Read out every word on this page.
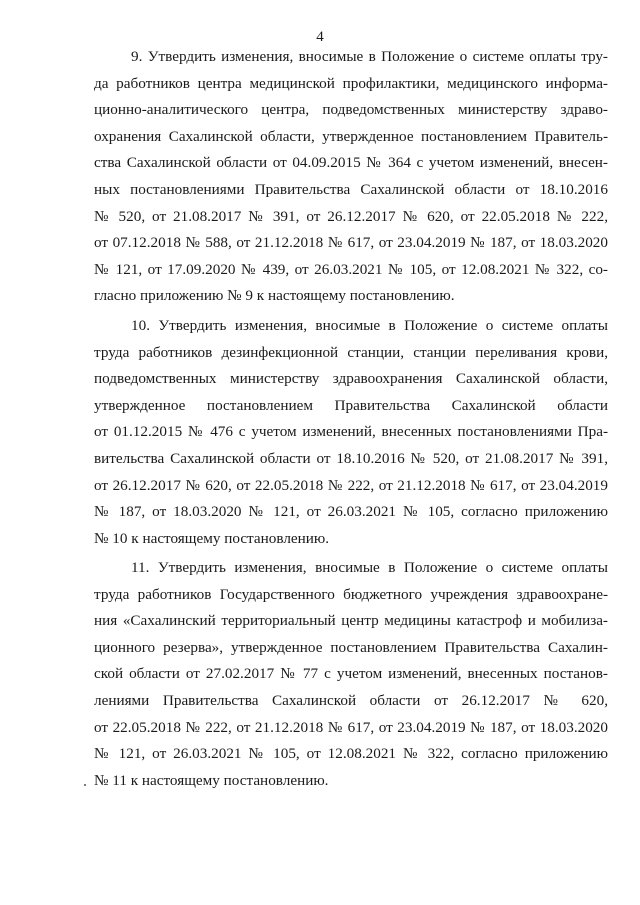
4
9. Утвердить изменения, вносимые в Положение о системе оплаты тру-
да работников центра медицинской профилактики, медицинского информа-
ционно-аналитического центра, подведомственных министерству здраво-
охранения Сахалинской области, утвержденное постановлением Правитель-
ства Сахалинской области от 04.09.2015 № 364 с учетом изменений, внесен-
ных постановлениями Правительства Сахалинской области от 18.10.2016
№ 520, от 21.08.2017 № 391, от 26.12.2017 № 620, от 22.05.2018 № 222,
от 07.12.2018 № 588, от 21.12.2018 № 617, от 23.04.2019 № 187, от 18.03.2020
№ 121, от 17.09.2020 № 439, от 26.03.2021 № 105, от 12.08.2021 № 322, со-
гласно приложению № 9 к настоящему постановлению.
10. Утвердить изменения, вносимые в Положение о системе оплаты
труда работников дезинфекционной станции, станции переливания крови,
подведомственных министерству здравоохранения Сахалинской области,
утвержденное постановлением Правительства Сахалинской области
от 01.12.2015 № 476 с учетом изменений, внесенных постановлениями Пра-
вительства Сахалинской области от 18.10.2016 № 520, от 21.08.2017 № 391,
от 26.12.2017 № 620, от 22.05.2018 № 222, от 21.12.2018 № 617, от 23.04.2019
№ 187, от 18.03.2020 № 121, от 26.03.2021 № 105, согласно приложению
№ 10 к настоящему постановлению.
11. Утвердить изменения, вносимые в Положение о системе оплаты
труда работников Государственного бюджетного учреждения здравоохране-
ния «Сахалинский территориальный центр медицины катастроф и мобилиза-
ционного резерва», утвержденное постановлением Правительства Сахалин-
ской области от 27.02.2017 № 77 с учетом изменений, внесенных постанов-
лениями Правительства Сахалинской области от 26.12.2017 № 620,
от 22.05.2018 № 222, от 21.12.2018 № 617, от 23.04.2019 № 187, от 18.03.2020
№ 121, от 26.03.2021 № 105, от 12.08.2021 № 322, согласно приложению
№ 11 к настоящему постановлению.
